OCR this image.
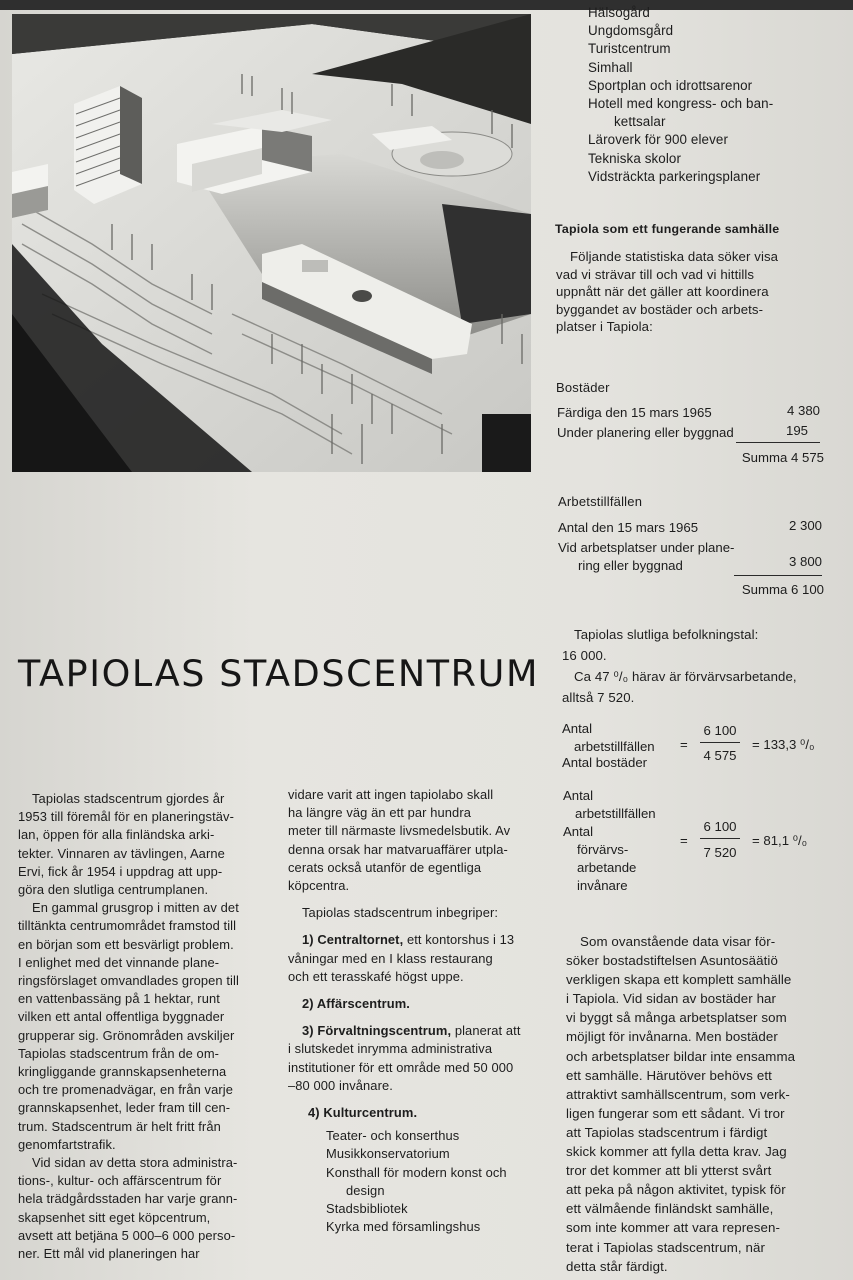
Hälsogård
Ungdomsgård
Turistcentrum
Simhall
Sportplan och idrottsarenor
Hotell med kongress- och ban-
kettsalar
Läroverk för 900 elever
Tekniska skolor
Vidsträckta parkeringsplaner
Tapiola som ett fungerande samhälle
Följande statistiska data söker visa
vad vi strävar till och vad vi hittills
uppnått när det gäller att koordinera
byggandet av bostäder och arbets-
platser i Tapiola:
Bostäder
Färdiga den 15 mars 1965	4 380
Under planering eller byggnad	195
Summa 4 575
Arbetstillfällen
Antal den 15 mars 1965	2 300
Vid arbetsplatser under plane-
ring eller byggnad	3 800
Summa 6 100
Tapiolas slutliga befolkningstal:
16 000.
Ca 47 ⁰/₀ härav är förvärvsarbetande,
alltså 7 520.
Antal
arbetstillfällen
Antal bostäder
=
6 100
4 575
= 133,3 ⁰/₀
Antal
arbetstillfällen
Antal
förvärvs-
arbetande
invånare
=
6 100
7 520
= 81,1 ⁰/₀
Som ovanstående data visar för-
söker bostadstiftelsen Asuntosäätiö
verkligen skapa ett komplett samhälle
i Tapiola. Vid sidan av bostäder har
vi byggt så många arbetsplatser som
möjligt för invånarna. Men bostäder
och arbetsplatser bildar inte ensamma
ett samhälle. Härutöver behövs ett
attraktivt samhällscentrum, som verk-
ligen fungerar som ett sådant. Vi tror
att Tapiolas stadscentrum i färdigt
skick kommer att fylla detta krav. Jag
tror det kommer att bli ytterst svårt
att peka på någon aktivitet, typisk för
ett välmående finländskt samhälle,
som inte kommer att vara represen-
terat i Tapiolas stadscentrum, när
detta står färdigt.
TAPIOLAS STADSCENTRUM
Tapiolas stadscentrum gjordes år
1953 till föremål för en planeringstäv-
lan, öppen för alla finländska arki-
tekter. Vinnaren av tävlingen, Aarne
Ervi, fick år 1954 i uppdrag att upp-
göra den slutliga centrumplanen.
En gammal grusgrop i mitten av det
tilltänkta centrumområdet framstod till
en början som ett besvärligt problem.
I enlighet med det vinnande plane-
ringsförslaget omvandlades gropen till
en vattenbassäng på 1 hektar, runt
vilken ett antal offentliga byggnader
grupperar sig. Grönområden avskiljer
Tapiolas stadscentrum från de om-
kringliggande grannskapsenheterna
och tre promenadvägar, en från varje
grannskapsenhet, leder fram till cen-
trum. Stadscentrum är helt fritt från
genomfartstrafik.
Vid sidan av detta stora administra-
tions-, kultur- och affärscentrum för
hela trädgårdsstaden har varje grann-
skapsenhet sitt eget köpcentrum,
avsett att betjäna 5 000–6 000 perso-
ner. Ett mål vid planeringen har
vidare varit att ingen tapiolabo skall
ha längre väg än ett par hundra
meter till närmaste livsmedelsbutik. Av
denna orsak har matvaruaffärer utpla-
cerats också utanför de egentliga
köpcentra.
Tapiolas stadscentrum inbegriper:
1) Centraltornet, ett kontorshus i 13
våningar med en I klass restaurang
och ett terasskafé högst uppe.
2) Affärscentrum.
3) Förvaltningscentrum, planerat att
i slutskedet inrymma administrativa
institutioner för ett område med 50 000
–80 000 invånare.
4) Kulturcentrum.
Teater- och konserthus
Musikkonservatorium
Konsthall för modern konst och
design
Stadsbibliotek
Kyrka med församlingshus
